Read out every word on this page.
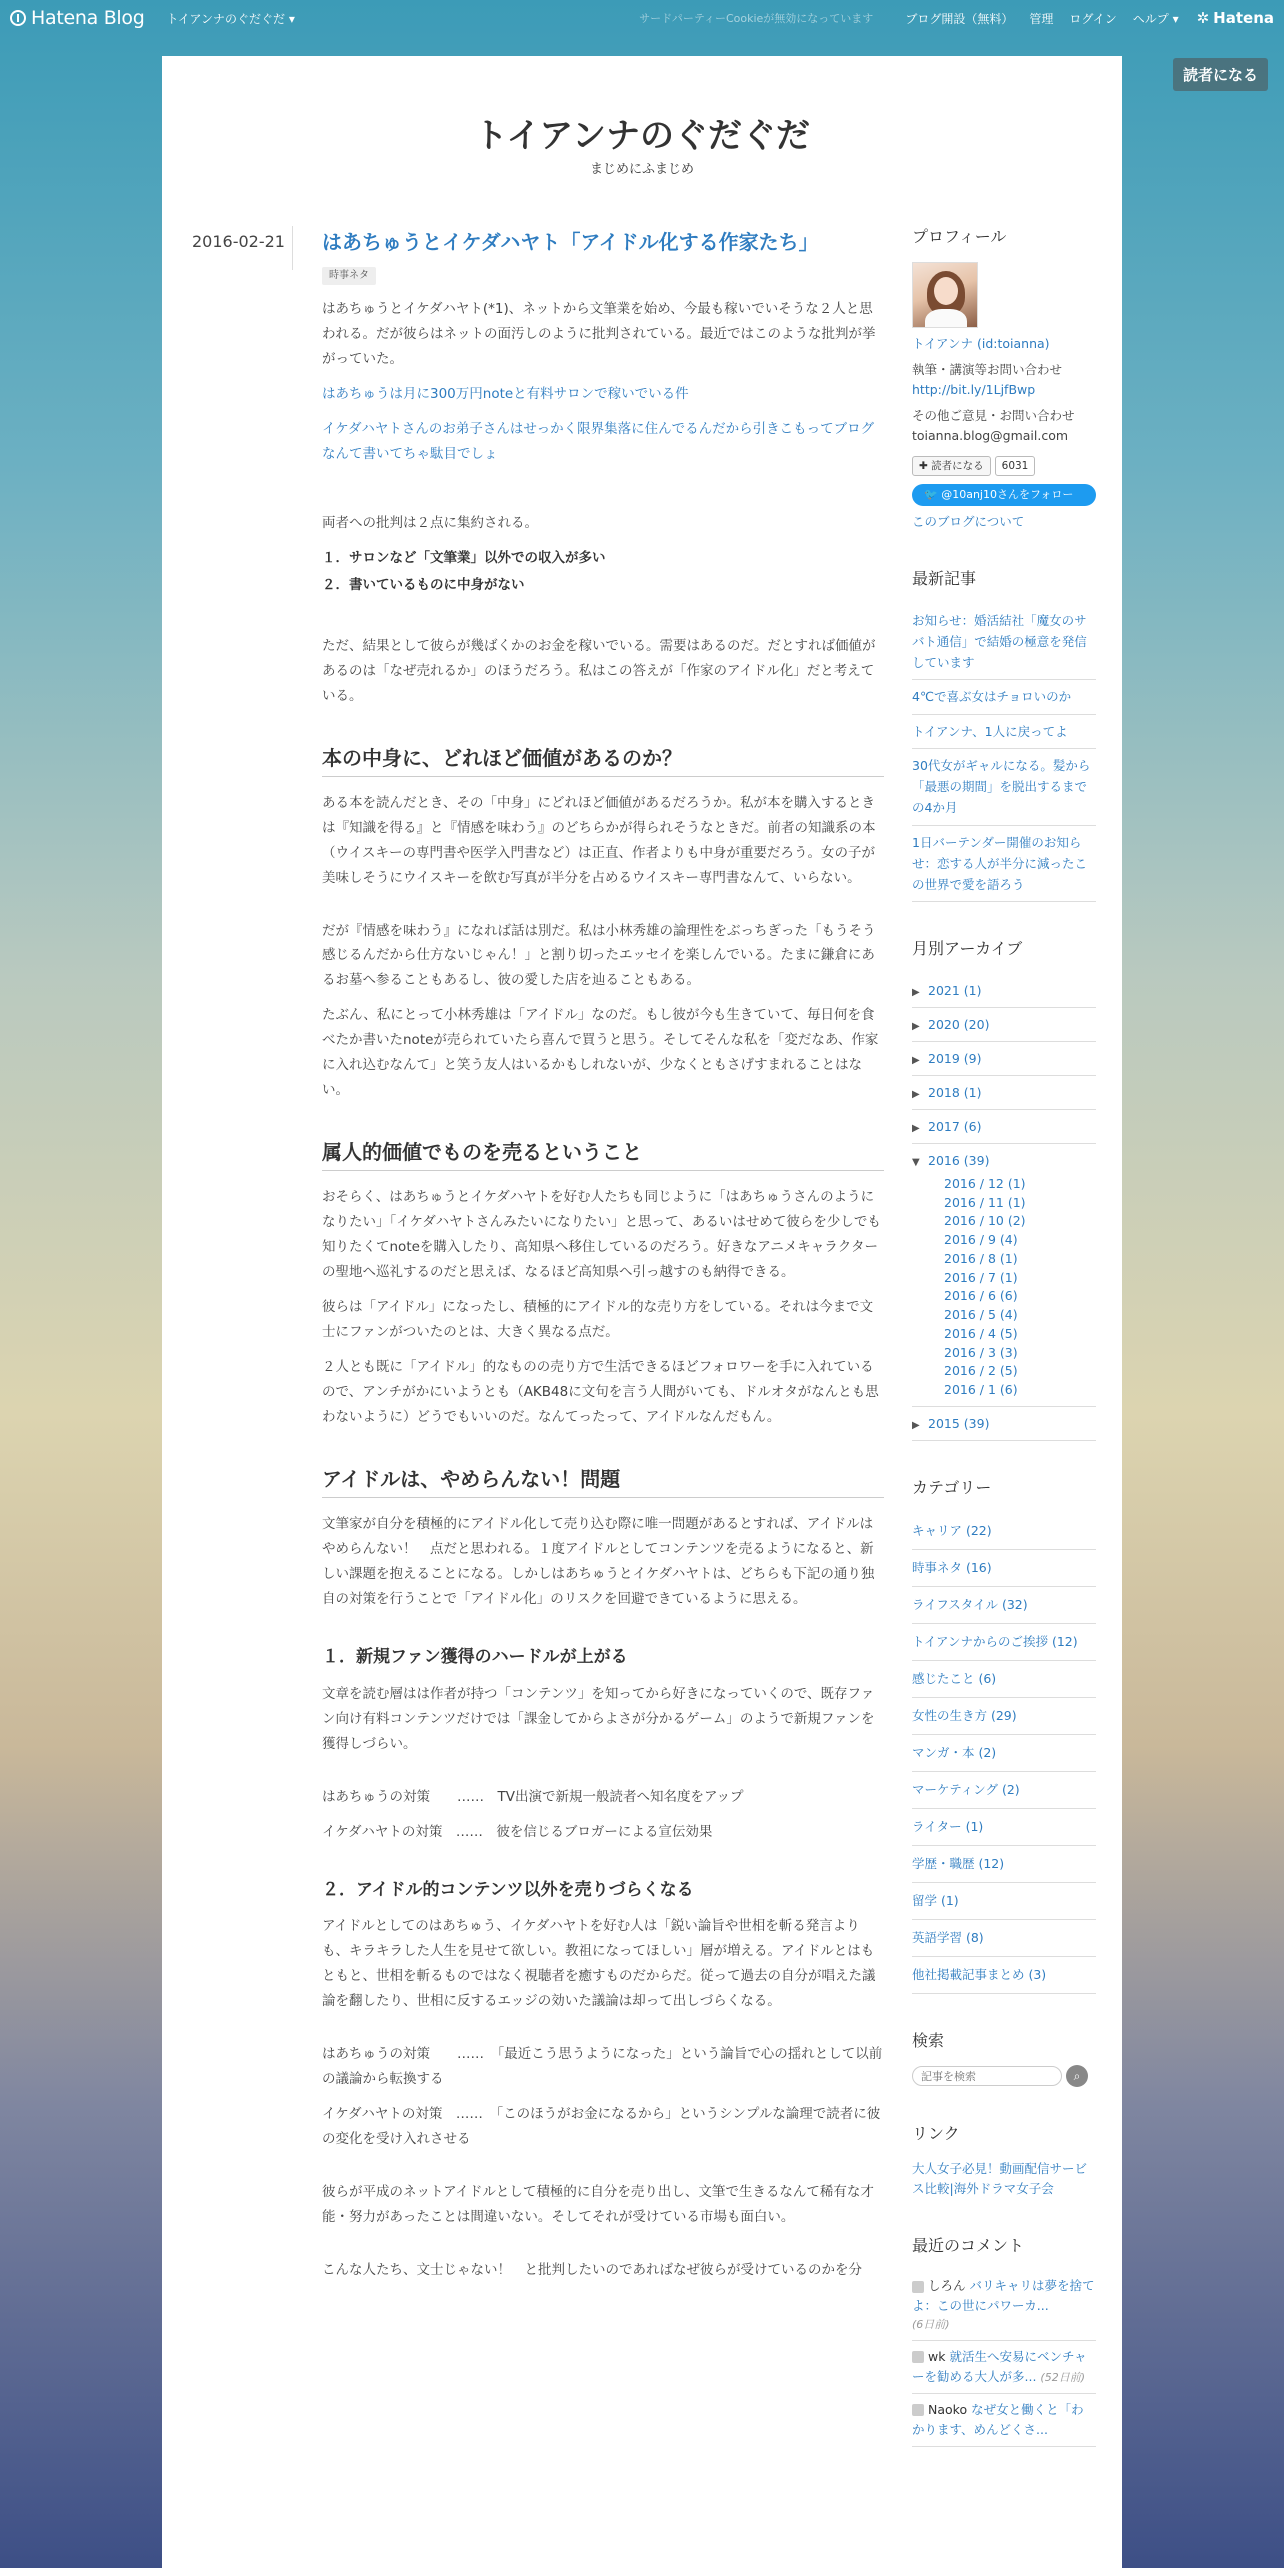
Hatena Blog トイアンナのぐだぐだ ▾	サードパーティーCookieが無効になっています	ブログ開設（無料） 管理 ログイン ヘルプ ▾ ✲ Hatena
読者になる
トイアンナのぐだぐだ
まじめにふまじめ
2016-02-21	はあちゅうとイケダハヤト「アイドル化する作家たち」
時事ネタ

はあちゅうとイケダハヤト(*1)、ネットから文筆業を始め、今最も稼いでいそうな２人と思われる。だが彼らはネットの面汚しのように批判されている。最近ではこのような批判が挙がっていた。

はあちゅうは月に300万円noteと有料サロンで稼いでいる件

イケダハヤトさんのお弟子さんはせっかく限界集落に住んでるんだから引きこもってブログなんて書いてちゃ駄目でしょ

両者への批判は２点に集約される。

１．サロンなど「文筆業」以外での収入が多い

２．書いているものに中身がない

ただ、結果として彼らが幾ばくかのお金を稼いでいる。需要はあるのだ。だとすれば価値があるのは「なぜ売れるか」のほうだろう。私はこの答えが「作家のアイドル化」だと考えている。

本の中身に、どれほど価値があるのか？

ある本を読んだとき、その「中身」にどれほど価値があるだろうか。私が本を購入するときは『知識を得る』と『情感を味わう』のどちらかが得られそうなときだ。前者の知識系の本（ウイスキーの専門書や医学入門書など）は正直、作者よりも中身が重要だろう。女の子が美味しそうにウイスキーを飲む写真が半分を占めるウイスキー専門書なんて、いらない。

だが『情感を味わう』になれば話は別だ。私は小林秀雄の論理性をぶっちぎった「もうそう感じるんだから仕方ないじゃん！」と割り切ったエッセイを楽しんでいる。たまに鎌倉にあるお墓へ参ることもあるし、彼の愛した店を辿ることもある。

たぶん、私にとって小林秀雄は「アイドル」なのだ。もし彼が今も生きていて、毎日何を食べたか書いたnoteが売られていたら喜んで買うと思う。そしてそんな私を「変だなあ、作家に入れ込むなんて」と笑う友人はいるかもしれないが、少なくともさげすまれることはない。

属人的価値でものを売るということ

おそらく、はあちゅうとイケダハヤトを好む人たちも同じように「はあちゅうさんのようになりたい」「イケダハヤトさんみたいになりたい」と思って、あるいはせめて彼らを少しでも知りたくてnoteを購入したり、高知県へ移住しているのだろう。好きなアニメキャラクターの聖地へ巡礼するのだと思えば、なるほど高知県へ引っ越すのも納得できる。

彼らは「アイドル」になったし、積極的にアイドル的な売り方をしている。それは今まで文士にファンがついたのとは、大きく異なる点だ。

２人とも既に「アイドル」的なものの売り方で生活できるほどフォロワーを手に入れているので、アンチがかにいようとも（AKB48に文句を言う人間がいても、ドルオタがなんとも思わないように）どうでもいいのだ。なんてったって、アイドルなんだもん。

アイドルは、やめらんない！問題

文筆家が自分を積極的にアイドル化して売り込む際に唯一問題があるとすれば、アイドルはやめらんない！　点だと思われる。１度アイドルとしてコンテンツを売るようになると、新しい課題を抱えることになる。しかしはあちゅうとイケダハヤトは、どちらも下記の通り独自の対策を行うことで「アイドル化」のリスクを回避できているように思える。

１．新規ファン獲得のハードルが上がる

文章を読む層はは作者が持つ「コンテンツ」を知ってから好きになっていくので、既存ファン向け有料コンテンツだけでは「課金してからよさが分かるゲーム」のようで新規ファンを獲得しづらい。

はあちゅうの対策　　……　TV出演で新規一般読者へ知名度をアップ

イケダハヤトの対策　……　彼を信じるブロガーによる宣伝効果

２．アイドル的コンテンツ以外を売りづらくなる

アイドルとしてのはあちゅう、イケダハヤトを好む人は「鋭い論旨や世相を斬る発言よりも、キラキラした人生を見せて欲しい。教祖になってほしい」層が増える。アイドルとはもともと、世相を斬るものではなく視聴者を癒すものだからだ。従って過去の自分が唱えた議論を翻したり、世相に反するエッジの効いた議論は却って出しづらくなる。

はあちゅうの対策　　……　「最近こう思うようになった」という論旨で心の揺れとして以前の議論から転換する

イケダハヤトの対策　……　「このほうがお金になるから」というシンプルな論理で読者に彼の変化を受け入れさせる

彼らが平成のネットアイドルとして積極的に自分を売り出し、文筆で生きるなんて稀有な才能・努力があったことは間違いない。そしてそれが受けている市場も面白い。

こんな人たち、文士じゃない！　と批判したいのであればなぜ彼らが受けているのかを分

プロフィール
トイアンナ (id:toianna)
執筆・講演等お問い合わせ
http://bit.ly/1LjfBwp
その他ご意見・お問い合わせ
toianna.blog@gmail.com
✚ 読者になる	6031
🐦 @10anj10さんをフォロー
このブログについて
最新記事
お知らせ：婚活結社「魔女のサバト通信」で結婚の極意を発信しています
4℃で喜ぶ女はチョロいのか
トイアンナ、1人に戻ってよ
30代女がギャルになる。髪から「最悪の期間」を脱出するまでの4か月
1日バーテンダー開催のお知らせ：恋する人が半分に減ったこの世界で愛を語ろう
月別アーカイブ
▶ 2021 (1)
▶ 2020 (20)
▶ 2019 (9)
▶ 2018 (1)
▶ 2017 (6)
▼ 2016 (39)
2016 / 12 (1)
2016 / 11 (1)
2016 / 10 (2)
2016 / 9 (4)
2016 / 8 (1)
2016 / 7 (1)
2016 / 6 (6)
2016 / 5 (4)
2016 / 4 (5)
2016 / 3 (3)
2016 / 2 (5)
2016 / 1 (6)
▶ 2015 (39)
カテゴリー
キャリア (22)
時事ネタ (16)
ライフスタイル (32)
トイアンナからのご挨拶 (12)
感じたこと (6)
女性の生き方 (29)
マンガ・本 (2)
マーケティング (2)
ライター (1)
学歴・職歴 (12)
留学 (1)
英語学習 (8)
他社掲載記事まとめ (3)
検索
記事を検索
⌕
リンク
大人女子必見！動画配信サービス比較|海外ドラマ女子会
最近のコメント
しろん バリキャリは夢を捨てよ：この世にパワーカ...
(6日前)
wk 就活生へ安易にベンチャーを勧める大人が多... (52日前)
Naoko なぜ女と働くと「わかります、めんどくさ...
